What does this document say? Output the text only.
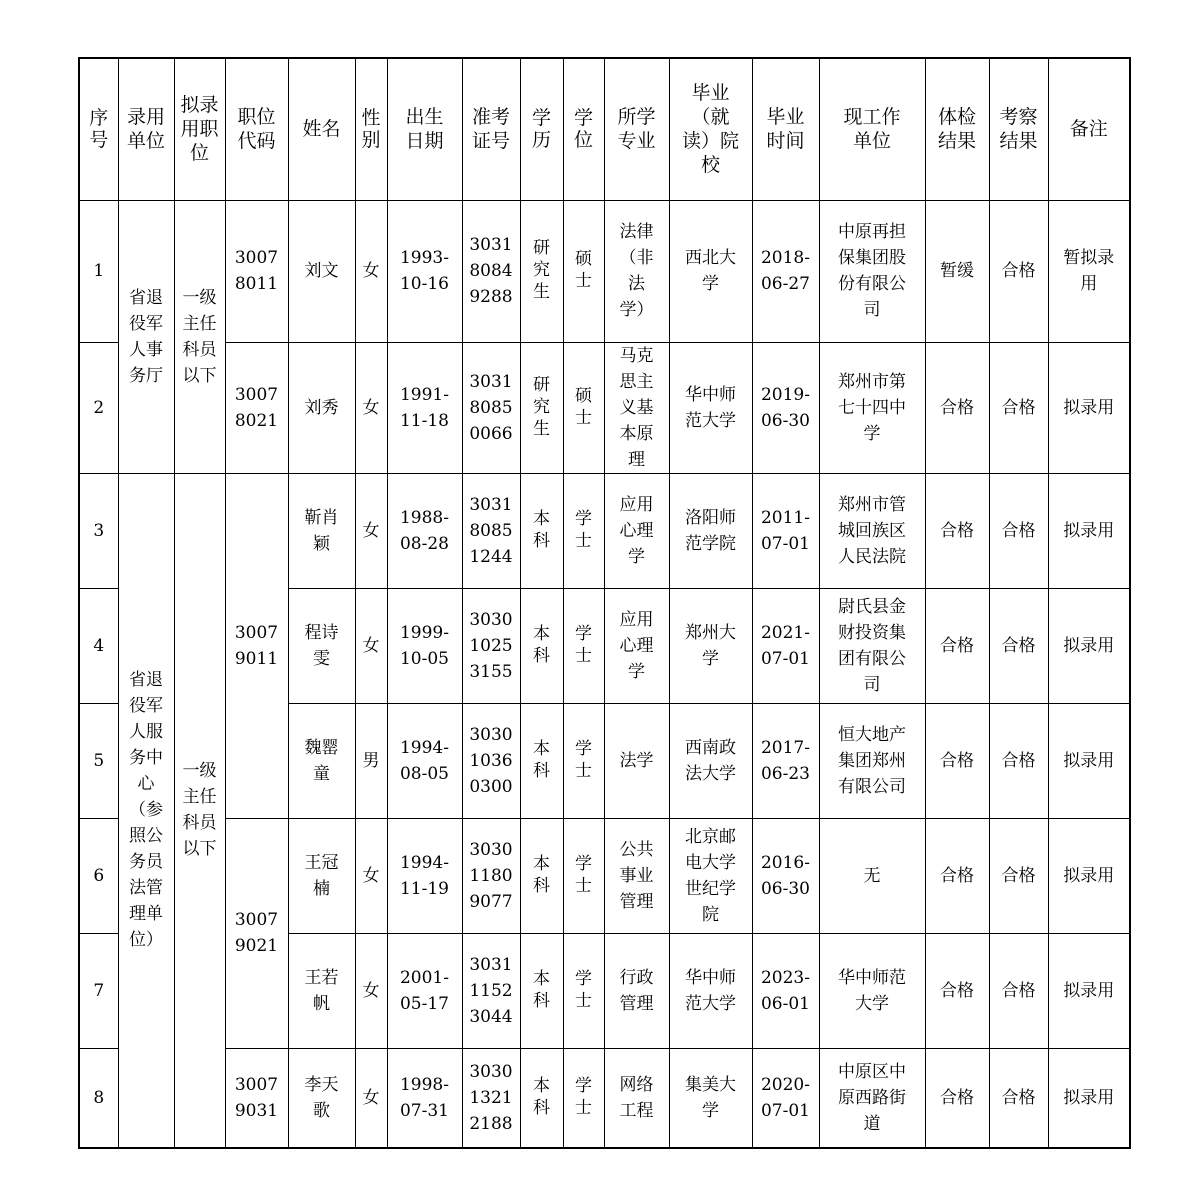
序号	录用单位	拟录用职位	职位代码	姓名	性别	出生日期	准考证号	学历	学位	所学专业	毕业（就读）院校	毕业时间	现工作单位	体检结果	考察结果	备注
1	省退役军人事务厅	一级主任科员以下	30078011	刘文	女	1993-10-16	303180849288	研究生	硕士	法律（非法学）	西北大学	2018-06-27	中原再担保集团股份有限公司	暂缓	合格	暂拟录用
2			30078021	刘秀	女	1991-11-18	303180850066	研究生	硕士	马克思主义基本原理	华中师范大学	2019-06-30	郑州市第七十四中学	合格	合格	拟录用
3	省退役军人服务中心（参照公务员法管理单位）	一级主任科员以下	30079011	靳肖颖	女	1988-08-28	303180851244	本科	学士	应用心理学	洛阳师范学院	2011-07-01	郑州市管城回族区人民法院	合格	合格	拟录用
4				程诗雯	女	1999-10-05	303010253155	本科	学士	应用心理学	郑州大学	2021-07-01	尉氏县金财投资集团有限公司	合格	合格	拟录用
5				魏罂童	男	1994-08-05	303010360300	本科	学士	法学	西南政法大学	2017-06-23	恒大地产集团郑州有限公司	合格	合格	拟录用
6			30079021	王冠楠	女	1994-11-19	303011809077	本科	学士	公共事业管理	北京邮电大学世纪学院	2016-06-30	无	合格	合格	拟录用
7				王若帆	女	2001-05-17	303111523044	本科	学士	行政管理	华中师范大学	2023-06-01	华中师范大学	合格	合格	拟录用
8			30079031	李天歌	女	1998-07-31	303013212188	本科	学士	网络工程	集美大学	2020-07-01	中原区中原西路街道	合格	合格	拟录用
